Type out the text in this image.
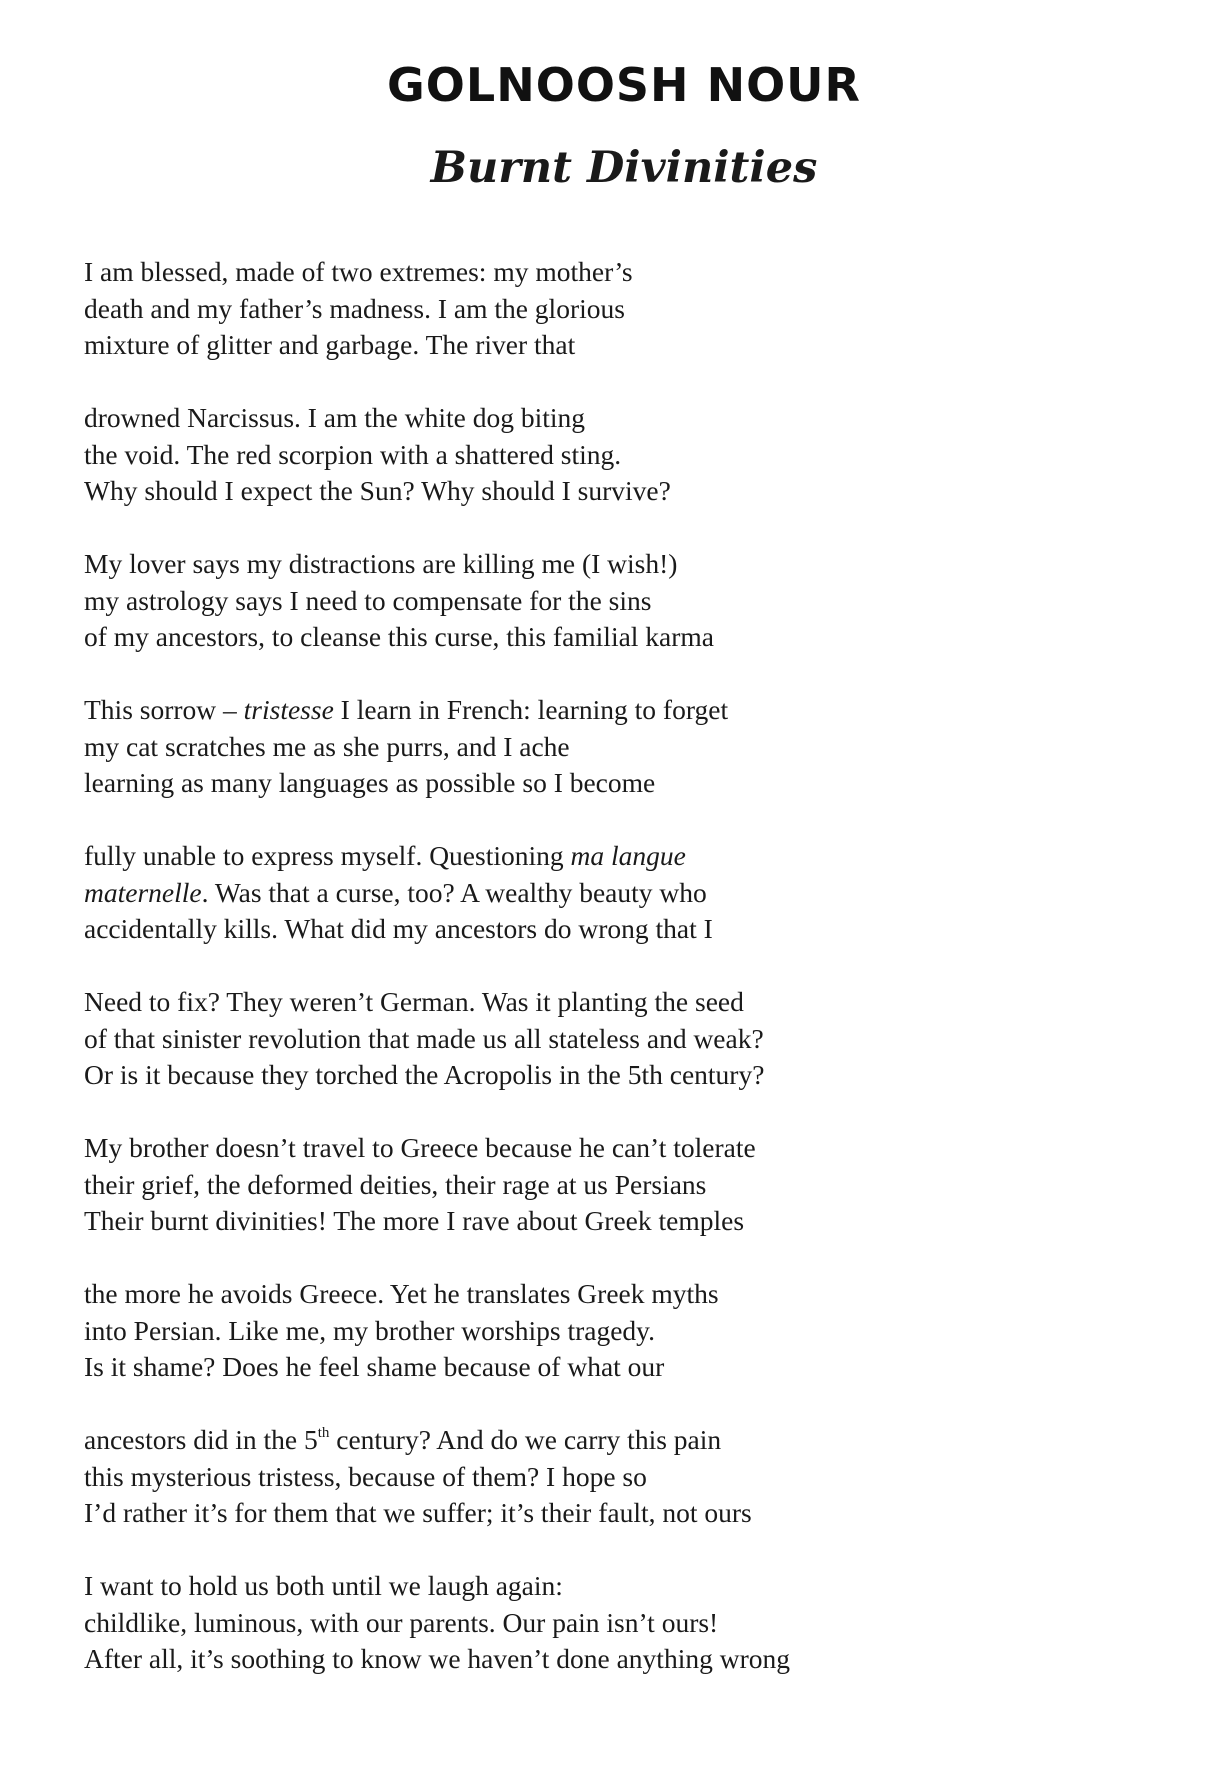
GOLNOOSH NOUR
Burnt Divinities
I am blessed, made of two extremes: my mother’s
death and my father’s madness. I am the glorious
mixture of glitter and garbage. The river that
drowned Narcissus. I am the white dog biting
the void. The red scorpion with a shattered sting.
Why should I expect the Sun? Why should I survive?
My lover says my distractions are killing me (I wish!)
my astrology says I need to compensate for the sins
of my ancestors, to cleanse this curse, this familial karma
This sorrow – tristesse I learn in French: learning to forget
my cat scratches me as she purrs, and I ache
learning as many languages as possible so I become
fully unable to express myself. Questioning ma langue
maternelle. Was that a curse, too? A wealthy beauty who
accidentally kills. What did my ancestors do wrong that I
Need to fix? They weren’t German. Was it planting the seed
of that sinister revolution that made us all stateless and weak?
Or is it because they torched the Acropolis in the 5th century?
My brother doesn’t travel to Greece because he can’t tolerate
their grief, the deformed deities, their rage at us Persians
Their burnt divinities! The more I rave about Greek temples
the more he avoids Greece. Yet he translates Greek myths
into Persian. Like me, my brother worships tragedy.
Is it shame? Does he feel shame because of what our
ancestors did in the 5th century? And do we carry this pain
this mysterious tristess, because of them? I hope so
I’d rather it’s for them that we suffer; it’s their fault, not ours
I want to hold us both until we laugh again:
childlike, luminous, with our parents. Our pain isn’t ours!
After all, it’s soothing to know we haven’t done anything wrong
